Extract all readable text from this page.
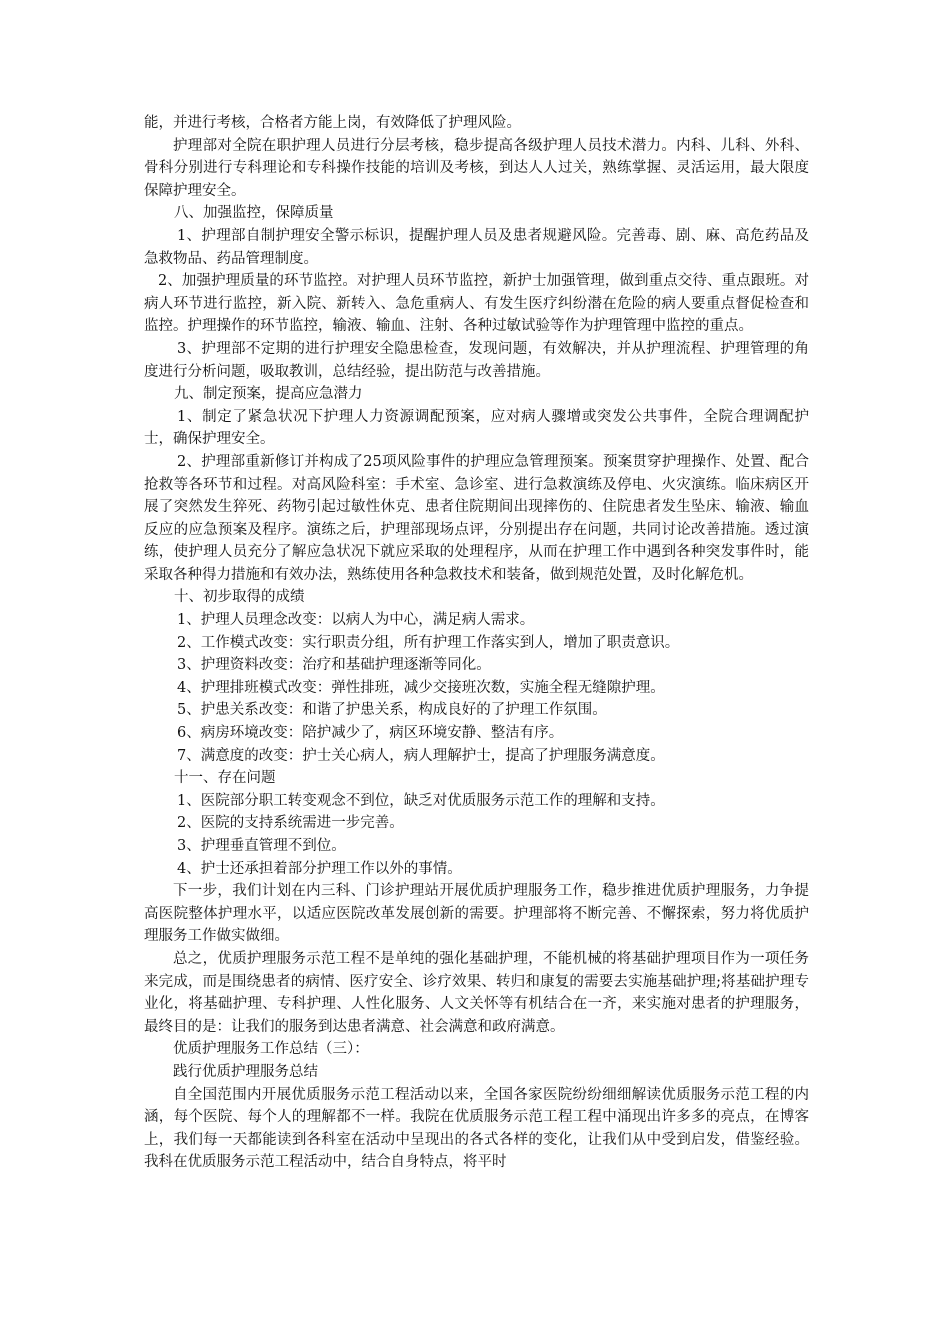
能，并进行考核，合格者方能上岗，有效降低了护理风险。

护理部对全院在职护理人员进行分层考核，稳步提高各级护理人员技术潜力。内科、儿科、外科、骨科分别进行专科理论和专科操作技能的培训及考核，到达人人过关，熟练掌握、灵活运用，最大限度保障护理安全。

八、加强监控，保障质量

1、护理部自制护理安全警示标识，提醒护理人员及患者规避风险。完善毒、剧、麻、高危药品及急救物品、药品管理制度。

2、加强护理质量的环节监控。对护理人员环节监控，新护士加强管理，做到重点交待、重点跟班。对病人环节进行监控，新入院、新转入、急危重病人、有发生医疗纠纷潜在危险的病人要重点督促检查和监控。护理操作的环节监控，输液、输血、注射、各种过敏试验等作为护理管理中监控的重点。

3、护理部不定期的进行护理安全隐患检查，发现问题，有效解决，并从护理流程、护理管理的角度进行分析问题，吸取教训，总结经验，提出防范与改善措施。

九、制定预案，提高应急潜力

1、制定了紧急状况下护理人力资源调配预案，应对病人骤增或突发公共事件，全院合理调配护士，确保护理安全。

2、护理部重新修订并构成了25项风险事件的护理应急管理预案。预案贯穿护理操作、处置、配合抢救等各环节和过程。对高风险科室：手术室、急诊室、进行急救演练及停电、火灾演练。临床病区开展了突然发生猝死、药物引起过敏性休克、患者住院期间出现摔伤的、住院患者发生坠床、输液、输血反应的应急预案及程序。演练之后，护理部现场点评，分别提出存在问题，共同讨论改善措施。透过演练，使护理人员充分了解应急状况下就应采取的处理程序，从而在护理工作中遇到各种突发事件时，能采取各种得力措施和有效办法，熟练使用各种急救技术和装备，做到规范处置，及时化解危机。

十、初步取得的成绩

1、护理人员理念改变：以病人为中心，满足病人需求。

2、工作模式改变：实行职责分组，所有护理工作落实到人，增加了职责意识。

3、护理资料改变：治疗和基础护理逐渐等同化。

4、护理排班模式改变：弹性排班，减少交接班次数，实施全程无缝隙护理。

5、护患关系改变：和谐了护患关系，构成良好的了护理工作氛围。

6、病房环境改变：陪护减少了，病区环境安静、整洁有序。

7、满意度的改变：护士关心病人，病人理解护士，提高了护理服务满意度。

十一、存在问题

1、医院部分职工转变观念不到位，缺乏对优质服务示范工作的理解和支持。

2、医院的支持系统需进一步完善。

3、护理垂直管理不到位。

4、护士还承担着部分护理工作以外的事情。

下一步，我们计划在内三科、门诊护理站开展优质护理服务工作，稳步推进优质护理服务，力争提高医院整体护理水平，以适应医院改革发展创新的需要。护理部将不断完善、不懈探索，努力将优质护理服务工作做实做细。

总之，优质护理服务示范工程不是单纯的强化基础护理，不能机械的将基础护理项目作为一项任务来完成，而是围绕患者的病情、医疗安全、诊疗效果、转归和康复的需要去实施基础护理;将基础护理专业化，将基础护理、专科护理、人性化服务、人文关怀等有机结合在一齐，来实施对患者的护理服务，最终目的是：让我们的服务到达患者满意、社会满意和政府满意。

优质护理服务工作总结（三）：

践行优质护理服务总结

自全国范围内开展优质服务示范工程活动以来，全国各家医院纷纷细细解读优质服务示范工程的内涵，每个医院、每个人的理解都不一样。我院在优质服务示范工程工程中涌现出许多多的亮点，在博客上，我们每一天都能读到各科室在活动中呈现出的各式各样的变化，让我们从中受到启发，借鉴经验。我科在优质服务示范工程活动中，结合自身特点，将平时
